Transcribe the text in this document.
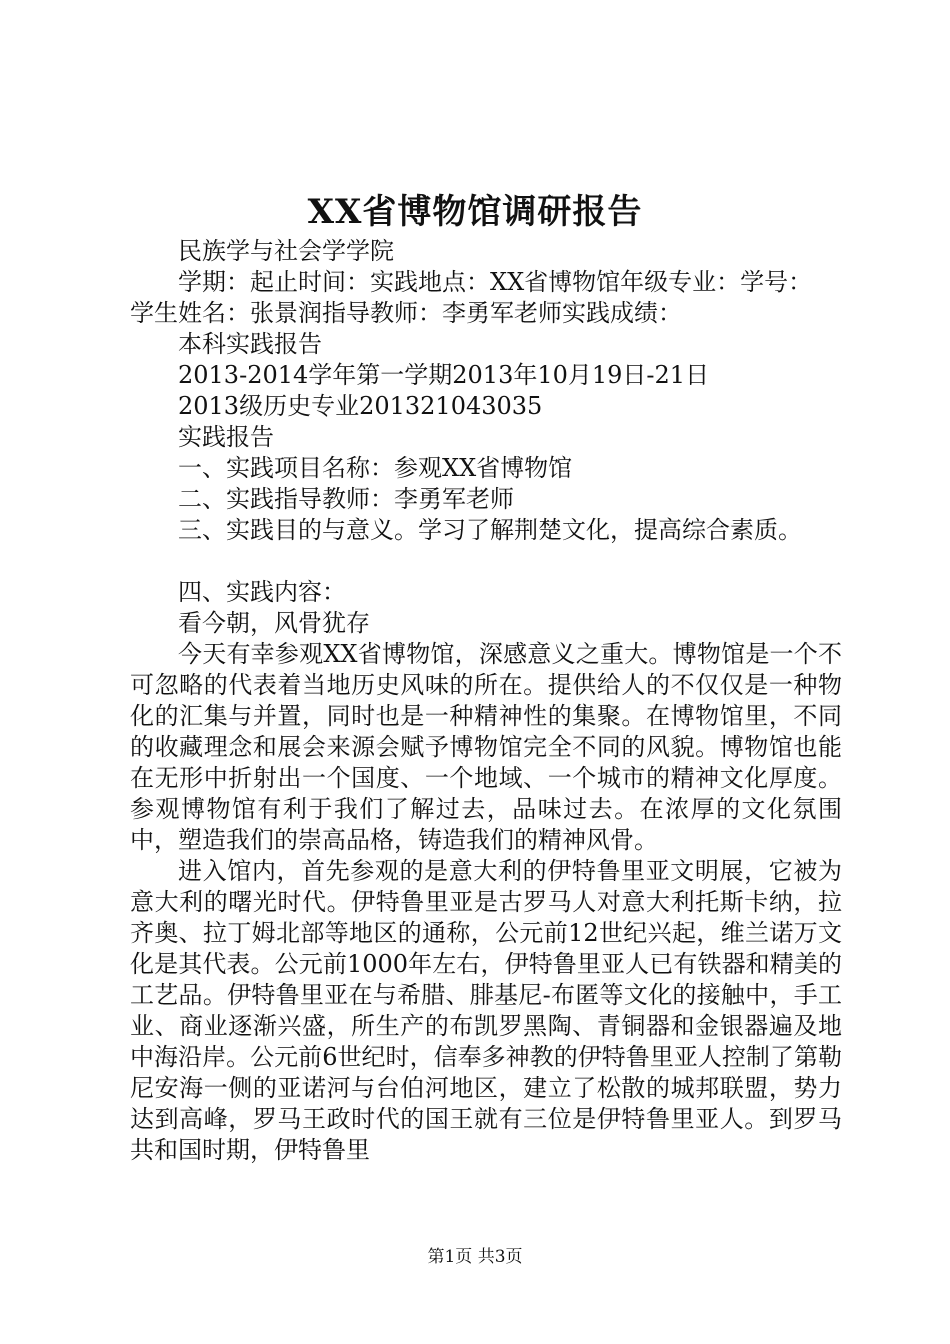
XX省博物馆调研报告

民族学与社会学学院

学期：起止时间：实践地点：XX省博物馆年级专业：学号：

学生姓名：张景润指导教师：李勇军老师实践成绩：

本科实践报告

2013-2014学年第一学期2013年10月19日-21日

2013级历史专业201321043035

实践报告

一、实践项目名称：参观XX省博物馆

二、实践指导教师：李勇军老师

三、实践目的与意义。学习了解荆楚文化，提高综合素质。

四、实践内容：

看今朝，风骨犹存

今天有幸参观XX省博物馆，深感意义之重大。博物馆是一个不可忽略的代表着当地历史风味的所在。提供给人的不仅仅是一种物化的汇集与并置，同时也是一种精神性的集聚。在博物馆里，不同的收藏理念和展会来源会赋予博物馆完全不同的风貌。博物馆也能在无形中折射出一个国度、一个地域、一个城市的精神文化厚度。参观博物馆有利于我们了解过去，品味过去。在浓厚的文化氛围中，塑造我们的崇高品格，铸造我们的精神风骨。

进入馆内，首先参观的是意大利的伊特鲁里亚文明展，它被为意大利的曙光时代。伊特鲁里亚是古罗马人对意大利托斯卡纳，拉齐奥、拉丁姆北部等地区的通称，公元前12世纪兴起，维兰诺万文化是其代表。公元前1000年左右，伊特鲁里亚人已有铁器和精美的工艺品。伊特鲁里亚在与希腊、腓基尼-布匿等文化的接触中，手工业、商业逐渐兴盛，所生产的布凯罗黑陶、青铜器和金银器遍及地中海沿岸。公元前6世纪时，信奉多神教的伊特鲁里亚人控制了第勒尼安海一侧的亚诺河与台伯河地区，建立了松散的城邦联盟，势力达到高峰，罗马王政时代的国王就有三位是伊特鲁里亚人。到罗马共和国时期，伊特鲁里

第1页 共3页
